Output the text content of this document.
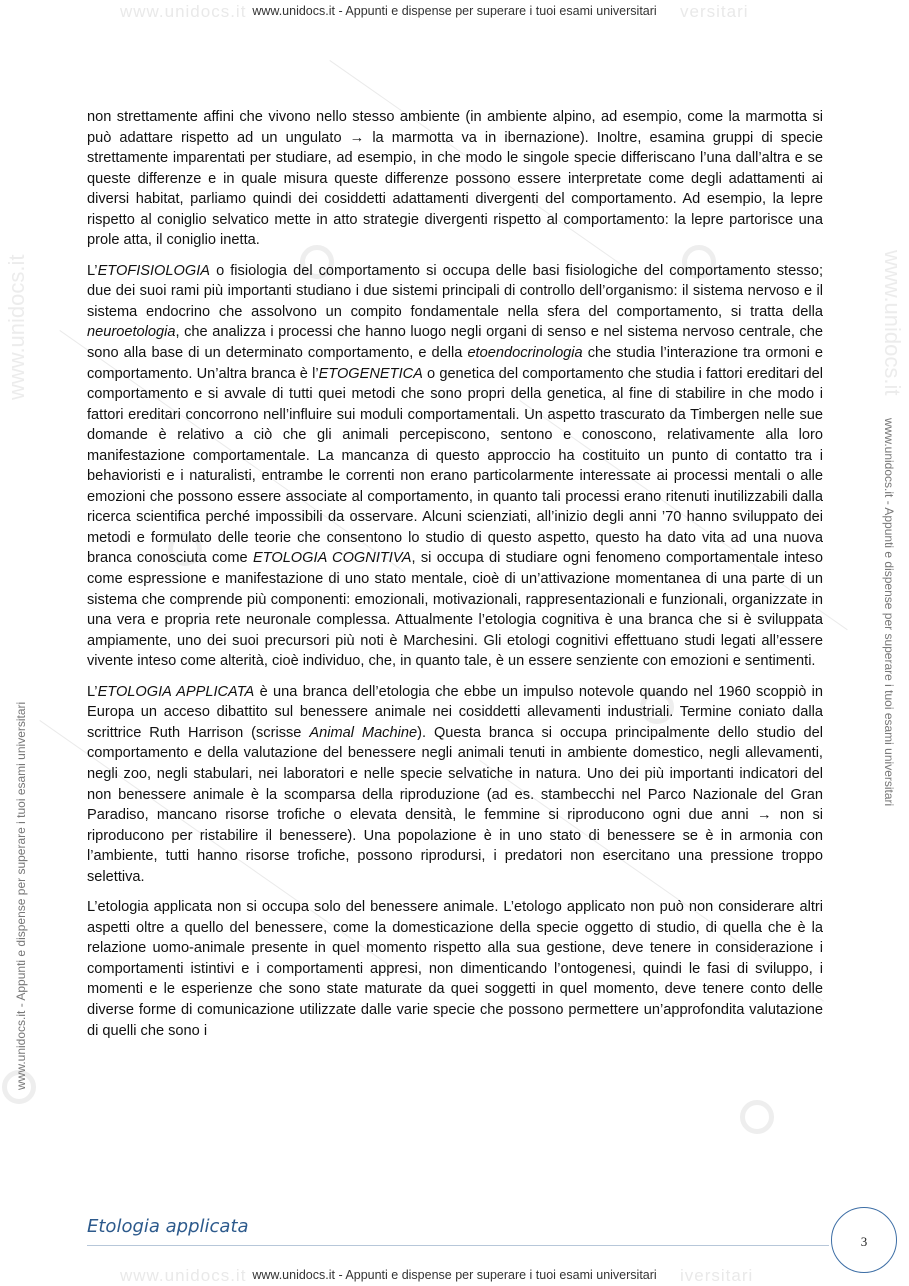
www.unidocs.it	versitari
www.unidocs.it - Appunti e dispense per superare i tuoi esami universitari
www.unidocs.it
www.unidocs.it - Appunti e dispense per superare i tuoi esami universitari
www.unidocs.it
www.unidocs.it - Appunti e dispense per superare i tuoi esami universitari

non strettamente affini che vivono nello stesso ambiente (in ambiente alpino, ad esempio, come la marmotta si può adattare rispetto ad un ungulato → la marmotta va in ibernazione). Inoltre, esamina gruppi di specie strettamente imparentati per studiare, ad esempio, in che modo le singole specie differiscano l’una dall’altra e se queste differenze e in quale misura queste differenze possono essere interpretate come degli adattamenti ai diversi habitat, parliamo quindi dei cosiddetti adattamenti divergenti del comportamento. Ad esempio, la lepre rispetto al coniglio selvatico mette in atto strategie divergenti rispetto al comportamento: la lepre partorisce una prole atta, il coniglio inetta.

L’ETOFISIOLOGIA o fisiologia del comportamento si occupa delle basi fisiologiche del comportamento stesso; due dei suoi rami più importanti studiano i due sistemi principali di controllo dell’organismo: il sistema nervoso e il sistema endocrino che assolvono un compito fondamentale nella sfera del comportamento, si tratta della neuroetologia, che analizza i processi che hanno luogo negli organi di senso e nel sistema nervoso centrale, che sono alla base di un determinato comportamento, e della etoendocrinologia che studia l’interazione tra ormoni e comportamento. Un’altra branca è l’ETOGENETICA o genetica del comportamento che studia i fattori ereditari del comportamento e si avvale di tutti quei metodi che sono propri della genetica, al fine di stabilire in che modo i fattori ereditari concorrono nell’influire sui moduli comportamentali. Un aspetto trascurato da Timbergen nelle sue domande è relativo a ciò che gli animali percepiscono, sentono e conoscono, relativamente alla loro manifestazione comportamentale. La mancanza di questo approccio ha costituito un punto di contatto tra i behavioristi e i naturalisti, entrambe le correnti non erano particolarmente interessate ai processi mentali o alle emozioni che possono essere associate al comportamento, in quanto tali processi erano ritenuti inutilizzabili dalla ricerca scientifica perché impossibili da osservare. Alcuni scienziati, all’inizio degli anni ’70 hanno sviluppato dei metodi e formulato delle teorie che consentono lo studio di questo aspetto, questo ha dato vita ad una nuova branca conosciuta come ETOLOGIA COGNITIVA, si occupa di studiare ogni fenomeno comportamentale inteso come espressione e manifestazione di uno stato mentale, cioè di un’attivazione momentanea di una parte di un sistema che comprende più componenti: emozionali, motivazionali, rappresentazionali e funzionali, organizzate in una vera e propria rete neuronale complessa. Attualmente l’etologia cognitiva è una branca che si è sviluppata ampiamente, uno dei suoi precursori più noti è Marchesini. Gli etologi cognitivi effettuano studi legati all’essere vivente inteso come alterità, cioè individuo, che, in quanto tale, è un essere senziente con emozioni e sentimenti.

L’ETOLOGIA APPLICATA è una branca dell’etologia che ebbe un impulso notevole quando nel 1960 scoppiò in Europa un acceso dibattito sul benessere animale nei cosiddetti allevamenti industriali. Termine coniato dalla scrittrice Ruth Harrison (scrisse Animal Machine). Questa branca si occupa principalmente dello studio del comportamento e della valutazione del benessere negli animali tenuti in ambiente domestico, negli allevamenti, negli zoo, negli stabulari, nei laboratori e nelle specie selvatiche in natura. Uno dei più importanti indicatori del non benessere animale è la scomparsa della riproduzione (ad es. stambecchi nel Parco Nazionale del Gran Paradiso, mancano risorse trofiche o elevata densità, le femmine si riproducono ogni due anni → non si riproducono per ristabilire il benessere). Una popolazione è in uno stato di benessere se è in armonia con l’ambiente, tutti hanno risorse trofiche, possono riprodursi, i predatori non esercitano una pressione troppo selettiva.

L’etologia applicata non si occupa solo del benessere animale. L’etologo applicato non può non considerare altri aspetti oltre a quello del benessere, come la domesticazione della specie oggetto di studio, di quella che è la relazione uomo-animale presente in quel momento rispetto alla sua gestione, deve tenere in considerazione i comportamenti istintivi e i comportamenti appresi, non dimenticando l’ontogenesi, quindi le fasi di sviluppo, i momenti e le esperienze che sono state maturate da quei soggetti in quel momento, deve tenere conto delle diverse forme di comunicazione utilizzate dalle varie specie che possono permettere un’approfondita valutazione di quelli che sono i

Etologia applicata
3
www.unidocs.it	iversitari
www.unidocs.it - Appunti e dispense per superare i tuoi esami universitari
